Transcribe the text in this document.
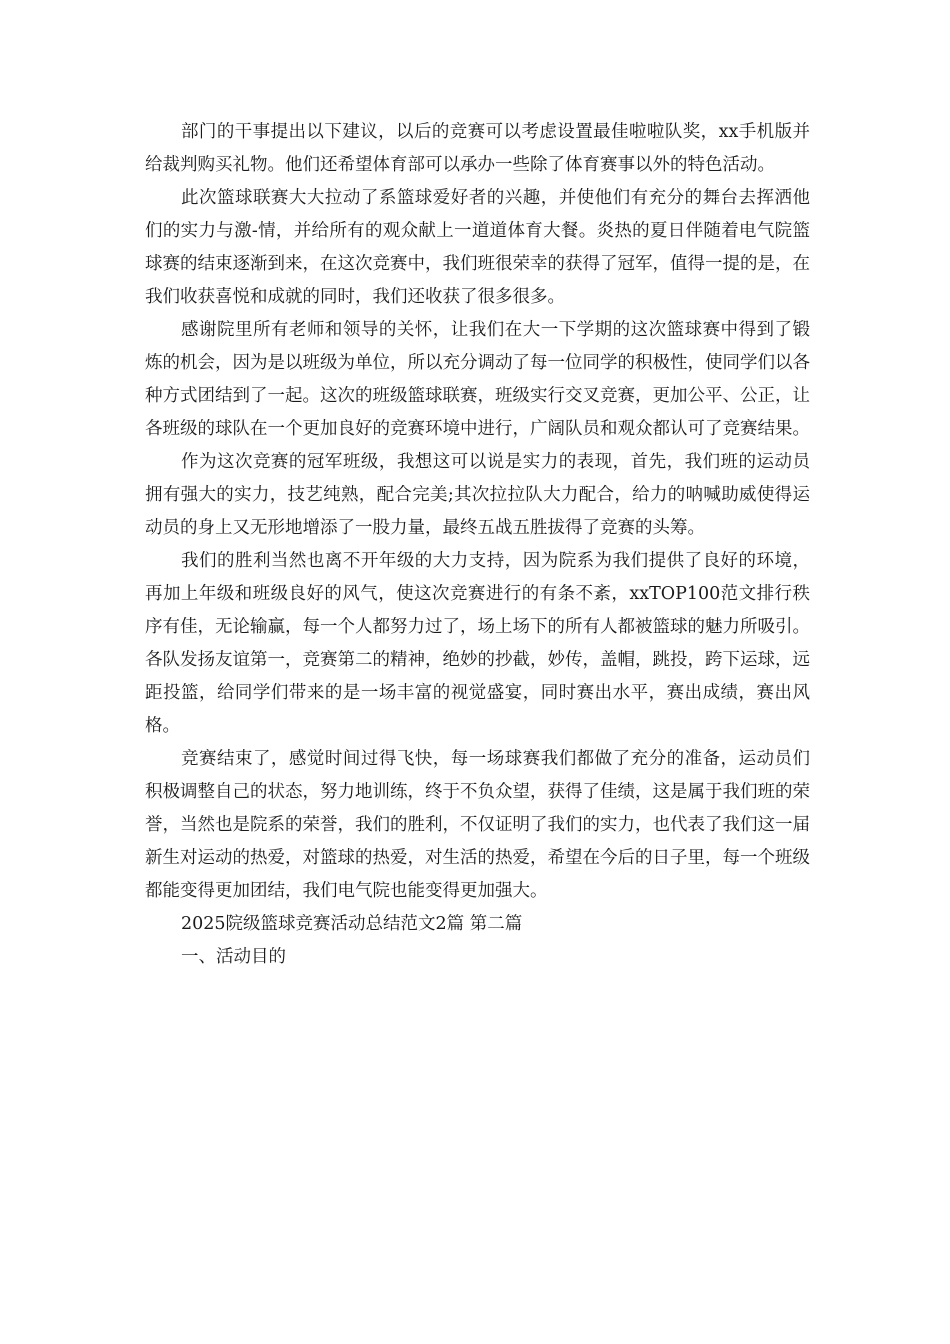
部门的干事提出以下建议，以后的竞赛可以考虑设置最佳啦啦队奖，xx手机版并给裁判购买礼物。他们还希望体育部可以承办一些除了体育赛事以外的特色活动。

此次篮球联赛大大拉动了系篮球爱好者的兴趣，并使他们有充分的舞台去挥洒他们的实力与激-情，并给所有的观众献上一道道体育大餐。炎热的夏日伴随着电气院篮球赛的结束逐渐到来，在这次竞赛中，我们班很荣幸的获得了冠军，值得一提的是，在我们收获喜悦和成就的同时，我们还收获了很多很多。

感谢院里所有老师和领导的关怀，让我们在大一下学期的这次篮球赛中得到了锻炼的机会，因为是以班级为单位，所以充分调动了每一位同学的积极性，使同学们以各种方式团结到了一起。这次的班级篮球联赛，班级实行交叉竞赛，更加公平、公正，让各班级的球队在一个更加良好的竞赛环境中进行，广阔队员和观众都认可了竞赛结果。

作为这次竞赛的冠军班级，我想这可以说是实力的表现，首先，我们班的运动员拥有强大的实力，技艺纯熟，配合完美;其次拉拉队大力配合，给力的呐喊助威使得运动员的身上又无形地增添了一股力量，最终五战五胜拔得了竞赛的头筹。

我们的胜利当然也离不开年级的大力支持，因为院系为我们提供了良好的环境，再加上年级和班级良好的风气，使这次竞赛进行的有条不紊，xxTOP100范文排行秩序有佳，无论输赢，每一个人都努力过了，场上场下的所有人都被篮球的魅力所吸引。各队发扬友谊第一，竞赛第二的精神，绝妙的抄截，妙传，盖帽，跳投，跨下运球，远距投篮，给同学们带来的是一场丰富的视觉盛宴，同时赛出水平，赛出成绩，赛出风格。

竞赛结束了，感觉时间过得飞快，每一场球赛我们都做了充分的准备，运动员们积极调整自己的状态，努力地训练，终于不负众望，获得了佳绩，这是属于我们班的荣誉，当然也是院系的荣誉，我们的胜利，不仅证明了我们的实力，也代表了我们这一届新生对运动的热爱，对篮球的热爱，对生活的热爱，希望在今后的日子里，每一个班级都能变得更加团结，我们电气院也能变得更加强大。

2025院级篮球竞赛活动总结范文2篇 第二篇

一、活动目的
